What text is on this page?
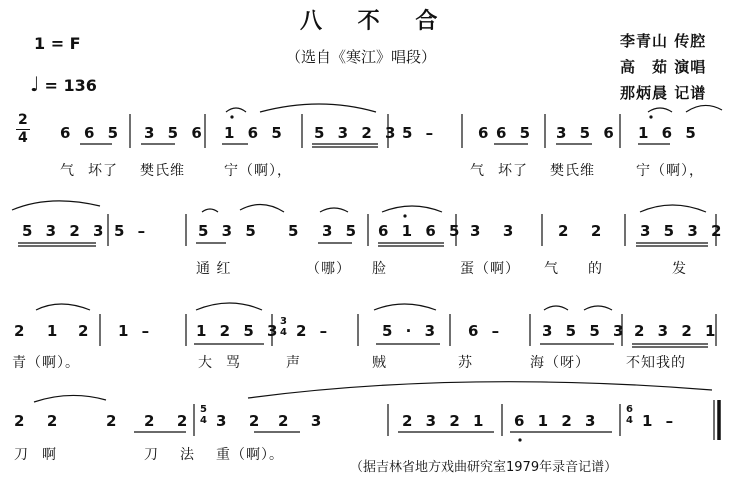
八 不 合
（选自《寒江》唱段）
1 = F
♩ = 136
李青山 传腔
高　茹 演唱
那炳晨 记谱
2
4 6 6 5 3 5 6 1 6 5 5 3 2 3 5 –	6 6 5 3 5 6 1 6 5
5 3 2 3 5 –	5 3 5 5 3 5 6 1 6 5 3  3	2  2 3 5 3 2
2  1 2 1 –	1 2 5 3
3
4 2 –	5 · 3 6 –	3 5 5 3 2 3 2 1
2  2	2 2  2
5
4 3  2 2  3	2 3 2 1 6 1 2 3
6
4 1 –
气 坏了 樊氏维	宁（啊），	气 坏了 樊氏维	宁（啊），
通 红	（哪） 脸	蛋（啊） 气 的	发
青（啊）。	大 骂	声	贼	苏	海（呀）	不知我的
刀 啊	刀 法 重（啊）。
（据吉林省地方戏曲研究室1979年录音记谱）
